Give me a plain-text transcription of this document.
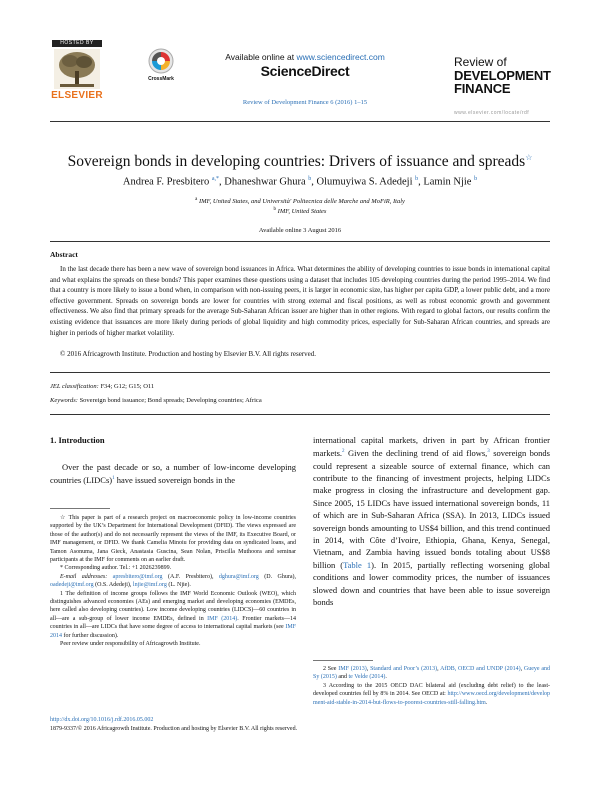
HOSTED BY
ELSEVIER
CrossMark
Available online at www.sciencedirect.com
ScienceDirect
Review of Development Finance 6 (2016) 1–15
Review of
DEVELOPMENT
FINANCE
www.elsevier.com/locate/rdf
Sovereign bonds in developing countries: Drivers of issuance and spreads☆
Andrea F. Presbitero $^{a,*}$, Dhaneshwar Ghura $^b$, Olumuyiwa S. Adedeji $^b$, Lamin Njie $^b$
$^a$ IMF, United States, and Università' Politecnica delle Marche and MoFiR, Italy
$^b$ IMF, United States
Available online 3 August 2016
Abstract
In the last decade there has been a new wave of sovereign bond issuances in Africa. What determines the ability of developing countries to issue bonds in international capital and what explains the spreads on these bonds? This paper examines these questions using a dataset that includes 105 developing countries during the period 1995–2014. We find that a country is more likely to issue a bond when, in comparison with non-issuing peers, it is larger in economic size, has higher per capita GDP, a lower public debt, and a more effective government. Spreads on sovereign bonds are lower for countries with strong external and fiscal positions, as well as robust economic growth and government effectiveness. We also find that primary spreads for the average Sub-Saharan African issuer are higher than in other regions. With regard to global factors, our results confirm the existing evidence that issuances are more likely during periods of global liquidity and high commodity prices, especially for Sub-Saharan African countries, and spreads are higher in periods of higher market volatility.
© 2016 Africagrowth Institute. Production and hosting by Elsevier B.V. All rights reserved.
JEL classification: F34; G12; G15; O11
Keywords: Sovereign bond issuance; Bond spreads; Developing countries; Africa
1. Introduction
Over the past decade or so, a number of low-income developing countries (LIDCs)$^1$ have issued sovereign bonds in the
international capital markets, driven in part by African frontier markets.$^2$ Given the declining trend of aid flows,$^3$ sovereign bonds could represent a sizeable source of external finance, which can contribute to the financing of investment projects, helping LIDCs make progress in closing the infrastructure and development gap. Since 2005, 15 LIDCs have issued international sovereign bonds, 11 of which are in Sub-Saharan Africa (SSA). In 2013, LIDCs issued sovereign bonds amounting to US$4 billion, and this trend continued in 2014, with Côte d’Ivoire, Ethiopia, Ghana, Kenya, Senegal, Vietnam, and Zambia having issued bonds totaling about US$8 billion (Table 1). In 2015, partially reflecting worsening global conditions and lower commodity prices, the number of issuances slowed down and countries that have been able to issue sovereign bonds

☆ This paper is part of a research project on macroeconomic policy in low-income countries supported by the UK’s Department for International Development (DFID). The views expressed are those of the author(s) and do not necessarily represent the views of the IMF, its Executive Board, or IMF management, or DFID. We thank Camelia Minoiu for providing data on syndicated loans, and Tamon Asonuma, Jana Gieck, Anastasia Guscina, Sean Nolan, Priscilla Muthoora and seminar participants at the IMF for comments on an earlier draft.

* Corresponding author. Tel.: +1 2026239899.

E-mail addresses: apresbitero@imf.org (A.F. Presbitero), dghura@imf.org (D. Ghura), oadedeji@imf.org (O.S. Adedeji), lnjie@imf.org (L. Njie).

1 The definition of income groups follows the IMF World Economic Outlook (WEO), which distinguishes advanced economies (AEs) and emerging market and developing economies (EMDEs, here called also developing countries). Low income developing countries (LIDCS)—60 countries in all—are a sub-group of lower income EMDEs, defined in IMF (2014). Frontier markets—14 countries in all—are LIDCs that have some degree of access to international capital markets (see IMF 2014 for further discussion).

Peer review under responsibility of Africagrowth Institute.

2 See IMF (2013), Standard and Poor’s (2013), AfDB, OECD and UNDP (2014), Gueye and Sy (2015) and te Velde (2014).

3 According to the 2015 OECD DAC bilateral aid (excluding debt relief) to the least-developed countries fell by 8% in 2014. See OECD at: http://www.oecd.org/development/development-aid-stable-in-2014-but-flows-to-poorest-countries-still-falling.htm.

http://dx.doi.org/10.1016/j.rdf.2016.05.002
1879-9337/© 2016 Africagrowth Institute. Production and hosting by Elsevier B.V. All rights reserved.
